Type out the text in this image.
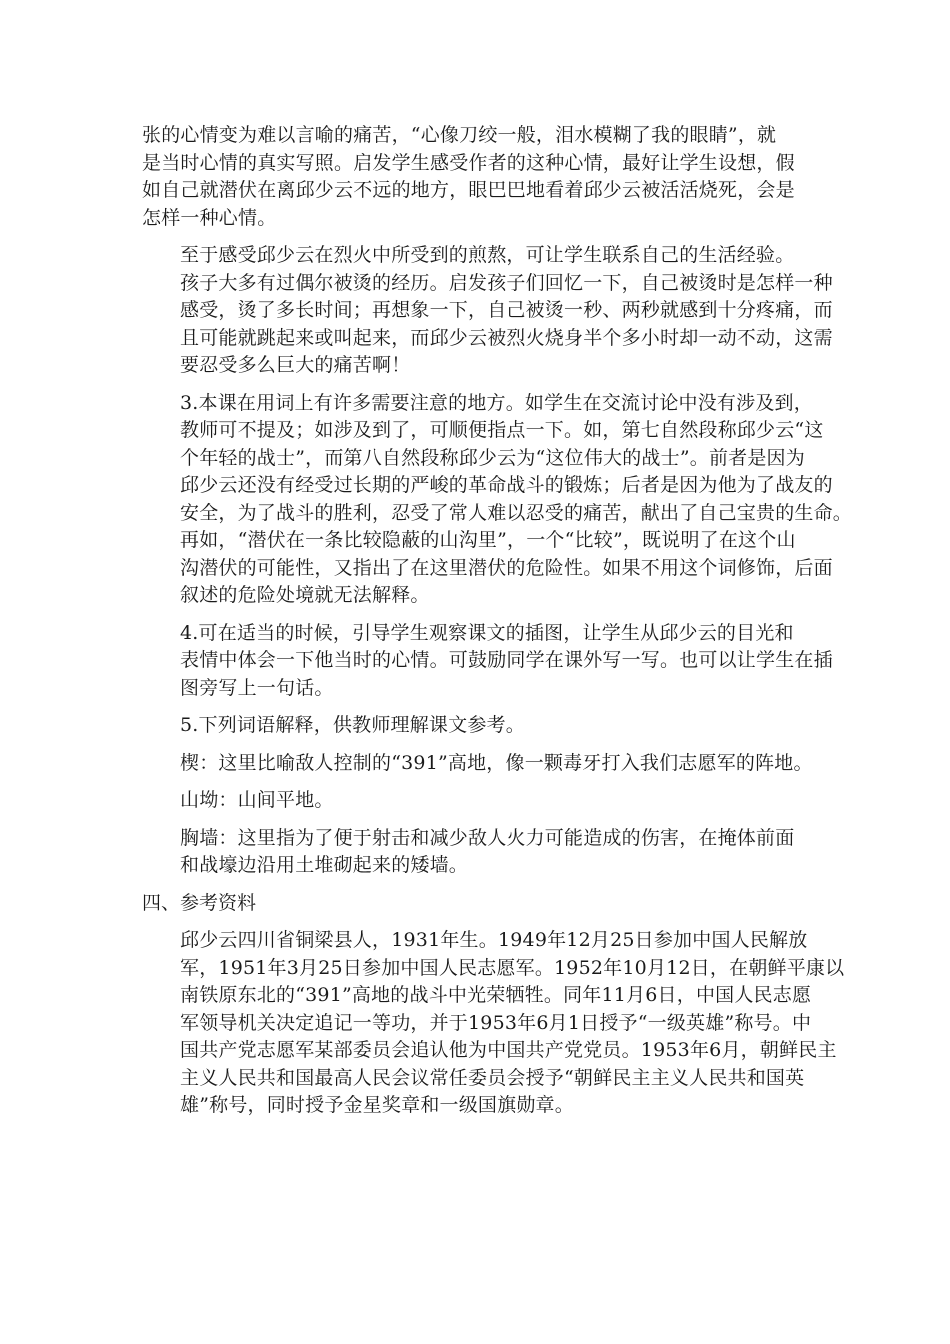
张的心情变为难以言喻的痛苦，“心像刀绞一般，泪水模糊了我的眼睛”，就
是当时心情的真实写照。启发学生感受作者的这种心情，最好让学生设想，假
如自己就潜伏在离邱少云不远的地方，眼巴巴地看着邱少云被活活烧死，会是
怎样一种心情。

至于感受邱少云在烈火中所受到的煎熬，可让学生联系自己的生活经验。
孩子大多有过偶尔被烫的经历。启发孩子们回忆一下，自己被烫时是怎样一种
感受，烫了多长时间；再想象一下，自己被烫一秒、两秒就感到十分疼痛，而
且可能就跳起来或叫起来，而邱少云被烈火烧身半个多小时却一动不动，这需
要忍受多么巨大的痛苦啊！

3.本课在用词上有许多需要注意的地方。如学生在交流讨论中没有涉及到，
教师可不提及；如涉及到了，可顺便指点一下。如，第七自然段称邱少云“这
个年轻的战士”，而第八自然段称邱少云为“这位伟大的战士”。前者是因为
邱少云还没有经受过长期的严峻的革命战斗的锻炼；后者是因为他为了战友的
安全，为了战斗的胜利，忍受了常人难以忍受的痛苦，献出了自己宝贵的生命。
再如，“潜伏在一条比较隐蔽的山沟里”，一个“比较”，既说明了在这个山
沟潜伏的可能性，又指出了在这里潜伏的危险性。如果不用这个词修饰，后面
叙述的危险处境就无法解释。

4.可在适当的时候，引导学生观察课文的插图，让学生从邱少云的目光和
表情中体会一下他当时的心情。可鼓励同学在课外写一写。也可以让学生在插
图旁写上一句话。

5.下列词语解释，供教师理解课文参考。

楔：这里比喻敌人控制的“391”高地，像一颗毒牙打入我们志愿军的阵地。

山坳：山间平地。

胸墙：这里指为了便于射击和减少敌人火力可能造成的伤害，在掩体前面
和战壕边沿用土堆砌起来的矮墙。

四、参考资料

邱少云四川省铜梁县人，1931年生。1949年12月25日参加中国人民解放
军，1951年3月25日参加中国人民志愿军。1952年10月12日，在朝鲜平康以
南铁原东北的“391”高地的战斗中光荣牺牲。同年11月6日，中国人民志愿
军领导机关决定追记一等功，并于1953年6月1日授予“一级英雄”称号。中
国共产党志愿军某部委员会追认他为中国共产党党员。1953年6月，朝鲜民主
主义人民共和国最高人民会议常任委员会授予“朝鲜民主主义人民共和国英
雄”称号，同时授予金星奖章和一级国旗勋章。
